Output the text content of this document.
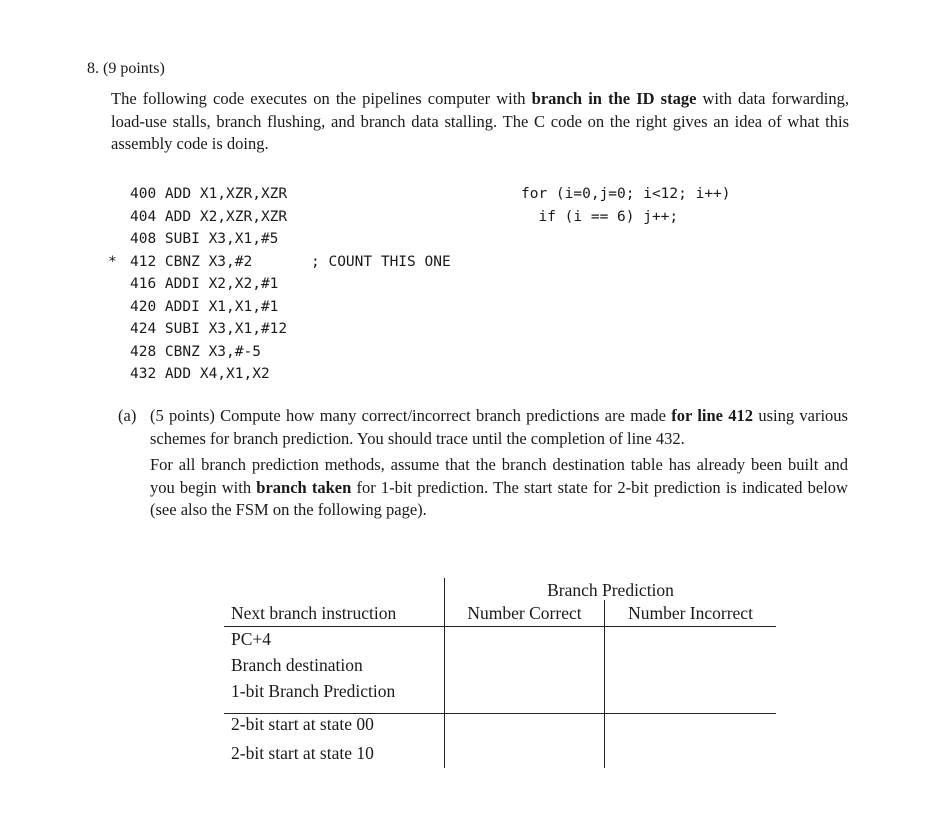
8. (9 points)
The following code executes on the pipelines computer with branch in the ID stage with data forwarding, load-use stalls, branch flushing, and branch data stalling. The C code on the right gives an idea of what this assembly code is doing.
400 ADD X1,XZR,XZR
404 ADD X2,XZR,XZR
408 SUBI X3,X1,#5
* 412 CBNZ X3,#2	; COUNT THIS ONE
416 ADDI X2,X2,#1
420 ADDI X1,X1,#1
424 SUBI X3,X1,#12
428 CBNZ X3,#-5
432 ADD X4,X1,X2
for (i=0,j=0; i<12; i++)
if (i == 6) j++;
(a) (5 points) Compute how many correct/incorrect branch predictions are made for line 412 using various schemes for branch prediction. You should trace until the completion of line 432.

For all branch prediction methods, assume that the branch destination table has already been built and you begin with branch taken for 1-bit prediction. The start state for 2-bit prediction is indicated below (see also the FSM on the following page).

Branch Prediction
Next branch instruction	Number Correct	Number Incorrect
PC+4
Branch destination
1-bit Branch Prediction
2-bit start at state 00
2-bit start at state 10
